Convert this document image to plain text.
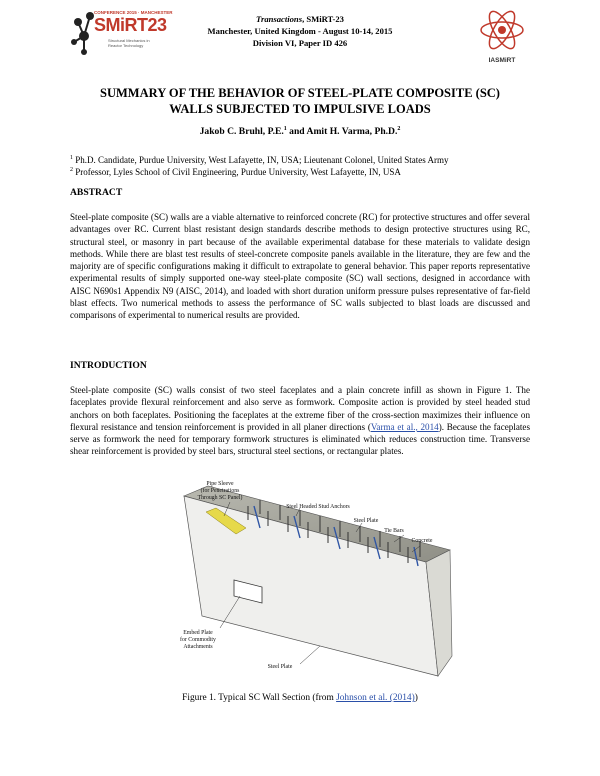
CONFERENCE 2015 · MANCHESTER
SMiRT23
Structural Mechanics in
Reactor Technology
IASMiRT
Transactions, SMiRT-23
Manchester, United Kingdom - August 10-14, 2015
Division VI, Paper ID 426
SUMMARY OF THE BEHAVIOR OF STEEL-PLATE COMPOSITE (SC)
WALLS SUBJECTED TO IMPULSIVE LOADS
Jakob C. Bruhl, P.E.$^1$ and Amit H. Varma, Ph.D.$^2$
$^1$ Ph.D. Candidate, Purdue University, West Lafayette, IN, USA; Lieutenant Colonel, United States Army
$^2$ Professor, Lyles School of Civil Engineering, Purdue University, West Lafayette, IN, USA
ABSTRACT
Steel-plate composite (SC) walls are a viable alternative to reinforced concrete (RC) for protective structures and offer several advantages over RC. Current blast resistant design standards describe methods to design protective structures using RC, structural steel, or masonry in part because of the available experimental database for these materials to validate design methods. While there are blast test results of steel-concrete composite panels available in the literature, they are few and the majority are of specific configurations making it difficult to extrapolate to general behavior. This paper reports representative experimental results of simply supported one-way steel-plate composite (SC) wall sections, designed in accordance with AISC N690s1 Appendix N9 (AISC, 2014), and loaded with short duration uniform pressure pulses representative of far-field blast effects. Two numerical methods to assess the performance of SC walls subjected to blast loads are discussed and comparisons of experimental to numerical results are provided.
INTRODUCTION
Steel-plate composite (SC) walls consist of two steel faceplates and a plain concrete infill as shown in Figure 1. The faceplates provide flexural reinforcement and also serve as formwork. Composite action is provided by steel headed stud anchors on both faceplates. Positioning the faceplates at the extreme fiber of the cross-section maximizes their influence on flexural resistance and tension reinforcement is provided in all planer directions (Varma et al., 2014). Because the faceplates serve as formwork the need for temporary formwork structures is eliminated which reduces construction time. Transverse shear reinforcement is provided by steel bars, structural steel sections, or rectangular plates.
Pipe Sleeve
(for Penetrations
Through SC Panel)
Steel Headed Stud Anchors
Steel Plate
Tie Bars
Concrete
Embed Plate
for Commodity
Attachments
Steel Plate
Figure 1. Typical SC Wall Section (from Johnson et al. (2014))
